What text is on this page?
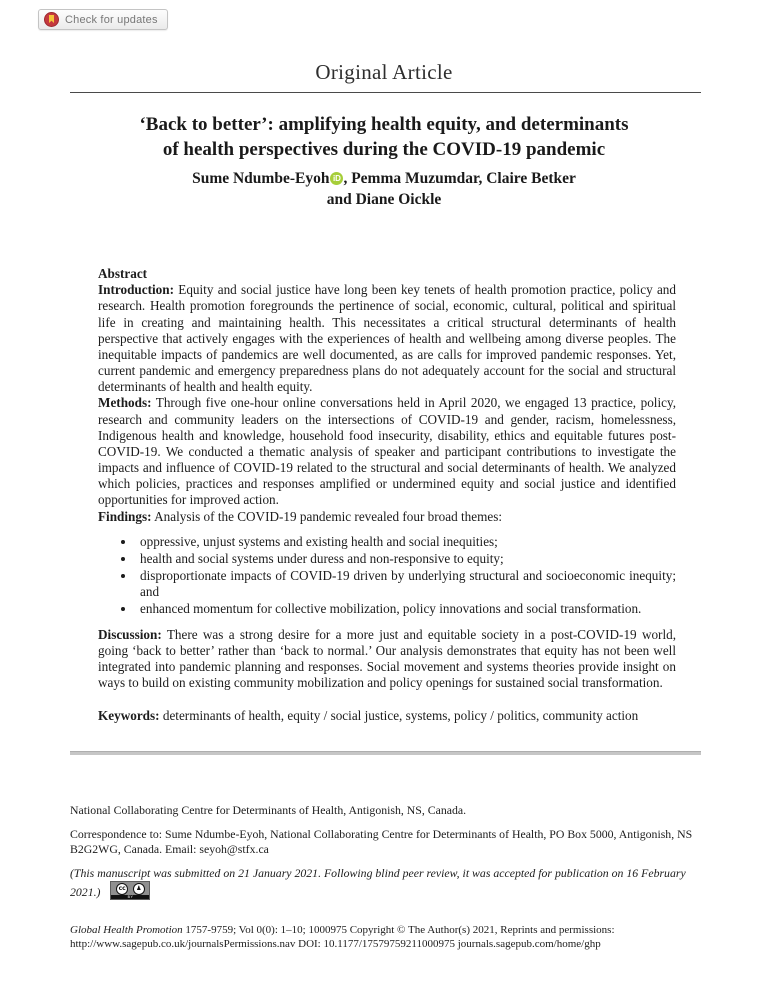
Check for updates
Original Article
‘Back to better’: amplifying health equity, and determinants
of health perspectives during the COVID-19 pandemic
Sume Ndumbe-Eyoh iD , Pemma Muzumdar, Claire Betker
and Diane Oickle

Abstract

Introduction: Equity and social justice have long been key tenets of health promotion practice, policy and research. Health promotion foregrounds the pertinence of social, economic, cultural, political and spiritual life in creating and maintaining health. This necessitates a critical structural determinants of health perspective that actively engages with the experiences of health and wellbeing among diverse peoples. The inequitable impacts of pandemics are well documented, as are calls for improved pandemic responses. Yet, current pandemic and emergency preparedness plans do not adequately account for the social and structural determinants of health and health equity.

Methods: Through five one-hour online conversations held in April 2020, we engaged 13 practice, policy, research and community leaders on the intersections of COVID-19 and gender, racism, homelessness, Indigenous health and knowledge, household food insecurity, disability, ethics and equitable futures post-COVID-19. We conducted a thematic analysis of speaker and participant contributions to investigate the impacts and influence of COVID-19 related to the structural and social determinants of health. We analyzed which policies, practices and responses amplified or undermined equity and social justice and identified opportunities for improved action.

Findings: Analysis of the COVID-19 pandemic revealed four broad themes:

• oppressive, unjust systems and existing health and social inequities;
• health and social systems under duress and non-responsive to equity;
• disproportionate impacts of COVID-19 driven by underlying structural and socioeconomic inequity; and
• enhanced momentum for collective mobilization, policy innovations and social transformation.

Discussion: There was a strong desire for a more just and equitable society in a post-COVID-19 world, going ‘back to better’ rather than ‘back to normal.’ Our analysis demonstrates that equity has not been well integrated into pandemic planning and responses. Social movement and systems theories provide insight on ways to build on existing community mobilization and policy openings for sustained social transformation.

Keywords: determinants of health, equity / social justice, systems, policy / politics, community action

National Collaborating Centre for Determinants of Health, Antigonish, NS, Canada.

Correspondence to: Sume Ndumbe-Eyoh, National Collaborating Centre for Determinants of Health, PO Box 5000, Antigonish, NS B2G2WG, Canada. Email: seyoh@stfx.ca

(This manuscript was submitted on 21 January 2021. Following blind peer review, it was accepted for publication on 16 February 2021.)	cc	♟
BY

Global Health Promotion 1757-9759; Vol 0(0): 1–10; 1000975 Copyright © The Author(s) 2021, Reprints and permissions:
http://www.sagepub.co.uk/journalsPermissions.nav DOI: 10.1177/17579759211000975 journals.sagepub.com/home/ghp
